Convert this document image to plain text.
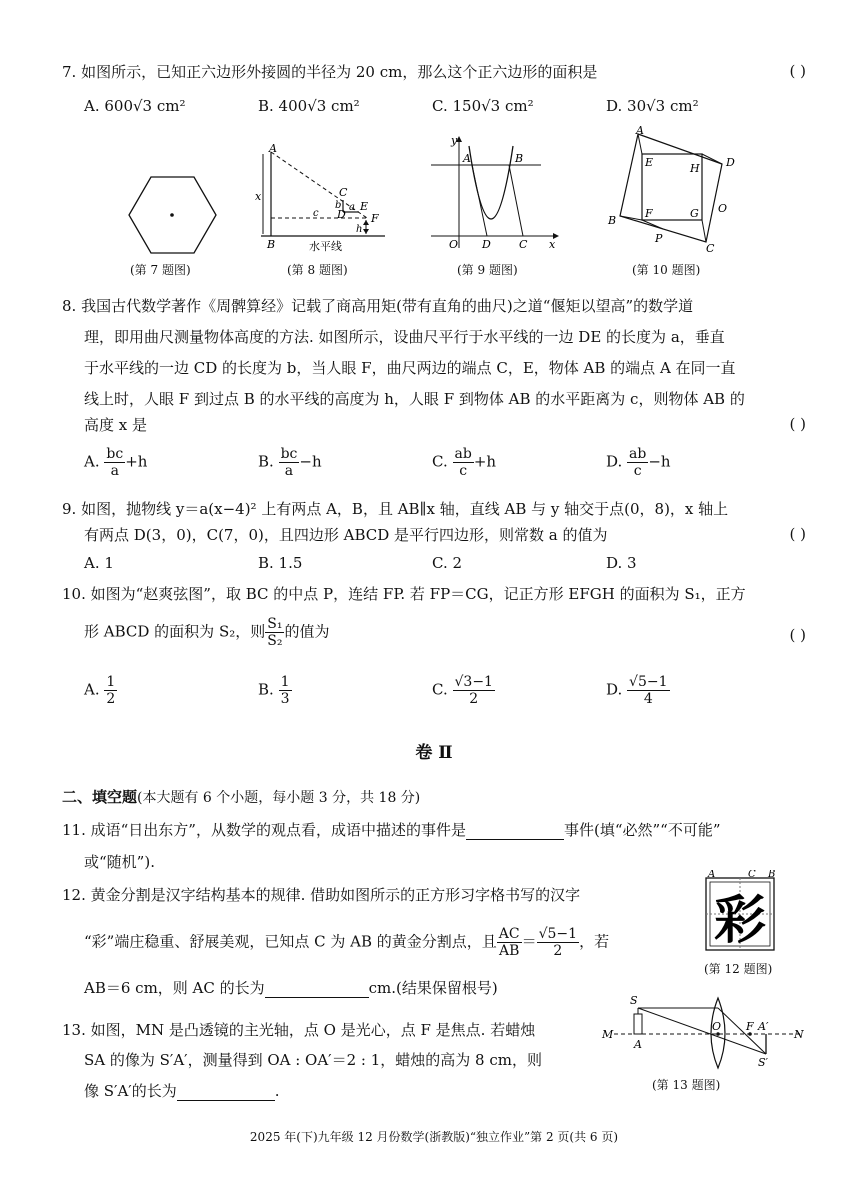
7. 如图所示，已知正六边形外接圆的半径为 20 cm，那么这个正六边形的面积是	( )
A. 600√3 cm²	B. 400√3 cm²	C. 150√3 cm²	D. 30√3 cm²
(第 7 题图)
A
B
C
D
E
F
a
b
c
h
x
水平线
(第 8 题图)
y
x
O
A	B
D	C
(第 9 题图)
A
B
C
D
E
F	G
H
O
P
(第 10 题图)
8. 我国古代数学著作《周髀算经》记载了商高用矩(带有直角的曲尺)之道“偃矩以望高”的数学道
理，即用曲尺测量物体高度的方法. 如图所示，设曲尺平行于水平线的一边 DE 的长度为 a，垂直
于水平线的一边 CD 的长度为 b，当人眼 F，曲尺两边的端点 C，E，物体 AB 的端点 A 在同一直
线上时，人眼 F 到过点 B 的水平线的高度为 h，人眼 F 到物体 AB 的水平距离为 c，则物体 AB 的
高度 x 是	( )
A. $\frac{bc}{a} +h$	B. $\frac{bc}{a} -h$	C. $\frac{ab}{c} +h$	D. $\frac{ab}{c} -h$
9. 如图，抛物线 y＝a(x−4)² 上有两点 A，B，且 AB∥x 轴，直线 AB 与 y 轴交于点(0，8)，x 轴上
有两点 D(3，0)，C(7，0)，且四边形 ABCD 是平行四边形，则常数 a 的值为	( )
A. 1	B. 1.5	C. 2	D. 3
10. 如图为“赵爽弦图”，取 BC 的中点 P，连结 FP. 若 FP＝CG，记正方形 EFGH 的面积为 S₁，正方
形 ABCD 的面积为 S₂，则 $\frac{\text{S₁}}{\text{S₂}}$ 的值为	( )
A. $\frac{1}{2}$	B. $\frac{1}{3}$	C. $\frac{√3-1}{2}$	D. $\frac{√5-1}{4}$
卷 Ⅱ
二、填空题(本大题有 6 个小题，每小题 3 分，共 18 分)
11. 成语“日出东方”，从数学的观点看，成语中描述的事件是	事件(填“必然”“不可能”
或“随机”).
12. 黄金分割是汉字结构基本的规律. 借助如图所示的正方形习字格书写的汉字
“彩”端庄稳重、舒展美观，已知点 C 为 AB 的黄金分割点，且 $\frac{AC}{AB} = \frac{√5-1}{2}$ ，若
AB＝6 cm，则 AC 的长为	cm.(结果保留根号)
彩
A	C B
(第 12 题图)
13. 如图，MN 是凸透镜的主光轴，点 O 是光心，点 F 是焦点. 若蜡烛
SA 的像为 S′A′，测量得到 OA : OA′＝2 : 1，蜡烛的高为 8 cm，则
像 S′A′的长为	.
S
M
A
O F A′
S′
N
(第 13 题图)
2025 年(下)九年级 12 月份数学(浙教版)“独立作业”第 2 页(共 6 页)
